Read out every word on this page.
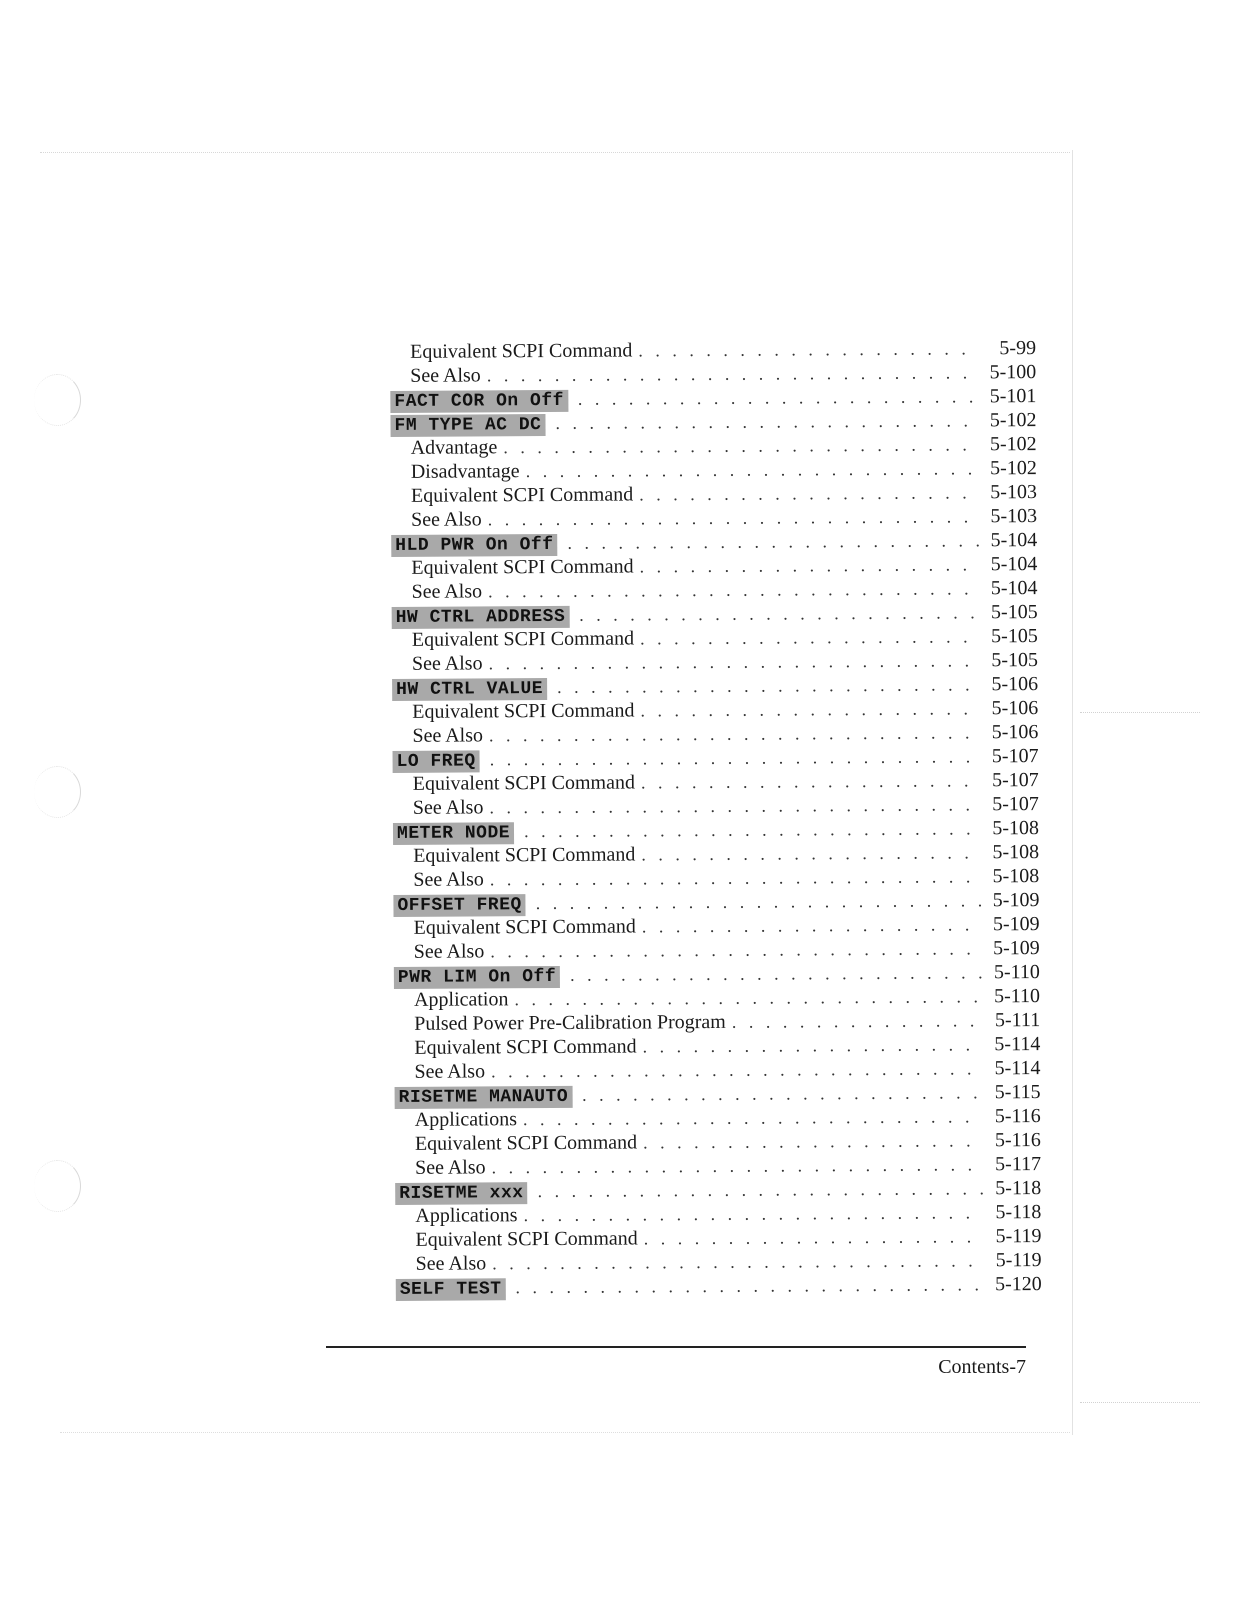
Equivalent SCPI Command . . .	5-99
See Also . . .	5-100
FACT COR On Off . . .	5-101
FM TYPE AC DC . . .	5-102
Advantage . . .	5-102
Disadvantage . . .	5-102
Equivalent SCPI Command . . .	5-103
See Also . . .	5-103
HLD PWR On Off . . .	5-104
Equivalent SCPI Command . . .	5-104
See Also . . .	5-104
HW CTRL ADDRESS . . .	5-105
Equivalent SCPI Command . . .	5-105
See Also . . .	5-105
HW CTRL VALUE . . .	5-106
Equivalent SCPI Command . . .	5-106
See Also . . .	5-106
LO FREQ . . .	5-107
Equivalent SCPI Command . . .	5-107
See Also . . .	5-107
METER NODE . . .	5-108
Equivalent SCPI Command . . .	5-108
See Also . . .	5-108
OFFSET FREQ . . .	5-109
Equivalent SCPI Command . . .	5-109
See Also . . .	5-109
PWR LIM On Off . . .	5-110
Application . . .	5-110
Pulsed Power Pre-Calibration Program . . .	5-111
Equivalent SCPI Command . . .	5-114
See Also . . .	5-114
RISETME MANAUTO . . .	5-115
Applications . . .	5-116
Equivalent SCPI Command . . .	5-116
See Also . . .	5-117
RISETME xxx . . .	5-118
Applications . . .	5-118
Equivalent SCPI Command . . .	5-119
See Also . . .	5-119
SELF TEST . . .	5-120
Contents-7
